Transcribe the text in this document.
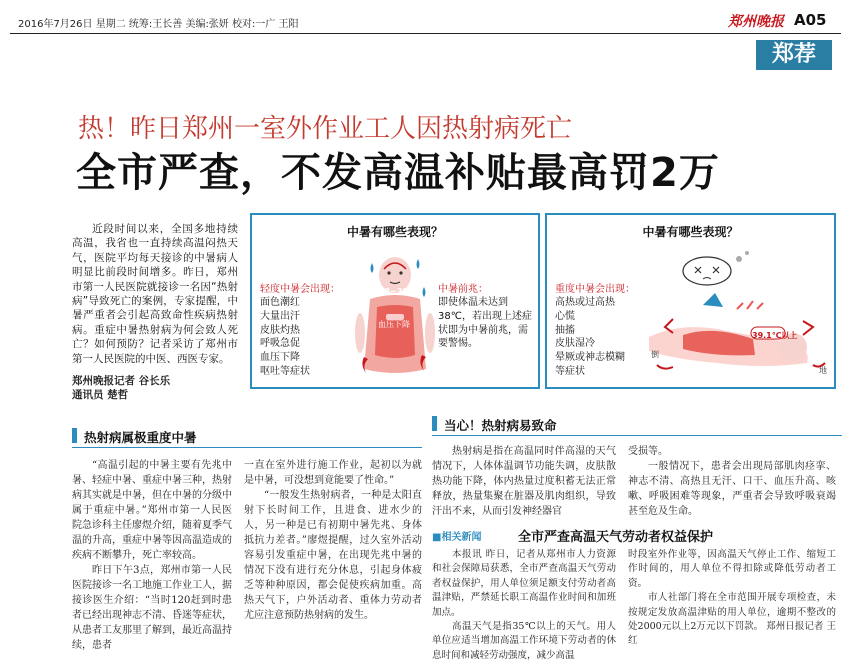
2016年7月26日 星期二 统筹:王长善 美编:张妍 校对:一广 王阳	郑州晚报 A05
郑荐
热！昨日郑州一室外作业工人因热射病死亡
全市严查，不发高温补贴最高罚2万
近段时间以来，全国多地持续高温，我省也一直持续高温闷热天气，医院平均每天接诊的中暑病人明显比前段时间增多。昨日，郑州市第一人民医院就接诊一名因“热射病”导致死亡的案例，专家提醒，中暑严重者会引起高致命性疾病热射病。重症中暑热射病为何会致人死亡？如何预防？记者采访了郑州市第一人民医院的中医、西医专家。
郑州晚报记者 谷长乐
通讯员 楚哲
中暑有哪些表现？
轻度中暑会出现：
面色潮红
大量出汗
皮肤灼热
呼吸急促
血压下降
呕吐等症状
38~39℃
血压下降
中暑前兆：
即使体温未达到38℃，若出现上述症状即为中暑前兆，需要警惕。
中暑有哪些表现？
重度中暑会出现：
高热或过高热
心慌
抽搐
皮肤湿冷
晕厥或神志模糊
等症状
39.1℃以上
倒
地
热射病属极重度中暑

“高温引起的中暑主要有先兆中暑、轻症中暑、重症中暑三种，热射病其实就是中暑，但在中暑的分级中属于重症中暑。”郑州市第一人民医院急诊科主任廖煜介绍，随着夏季气温的升高，重症中暑等因高温造成的疾病不断攀升，死亡率较高。

昨日下午3点，郑州市第一人民医院接诊一名工地施工作业工人，据接诊医生介绍：“当时120赶到时患者已经出现神志不清、昏迷等症状，从患者工友那里了解到，最近高温持续，患者

一直在室外进行施工作业，起初以为就是中暑，可没想到竟能要了性命。”

“一般发生热射病者，一种是太阳直射下长时间工作，且进食、进水少的人，另一种是已有初期中暑先兆、身体抵抗力差者。”廖煜提醒，过久室外活动容易引发重症中暑，在出现先兆中暑的情况下没有进行充分休息，引起身体疲乏等种种原因，都会促使疾病加重。高热天气下，户外活动者、重体力劳动者尤应注意预防热射病的发生。

当心！热射病易致命

热射病是指在高温同时伴高湿的天气情况下，人体体温调节功能失调，皮肤散热功能下降，体内热量过度积蓄无法正常释放，热量集聚在脏器及肌肉组织，导致汗出不来，从而引发神经器官

受损等。

一般情况下，患者会出现局部肌肉痉挛、神志不清、高热且无汗、口干、血压升高、咳嗽、呼吸困难等现象，严重者会导致呼吸衰竭甚至危及生命。

■相关新闻	全市严查高温天气劳动者权益保护

本报讯 昨日，记者从郑州市人力资源和社会保障局获悉，全市严查高温天气劳动者权益保护，用人单位须足额支付劳动者高温津贴，严禁延长职工高温作业时间和加班加点。

高温天气是指35℃以上的天气。用人单位应适当增加高温工作环境下劳动者的休息时间和减轻劳动强度，减少高温

时段室外作业等，因高温天气停止工作、缩短工作时间的，用人单位不得扣除或降低劳动者工资。

市人社部门将在全市范围开展专项检查，未按规定发放高温津贴的用人单位，逾期不整改的处2000元以上2万元以下罚款。 郑州日报记者 王红
